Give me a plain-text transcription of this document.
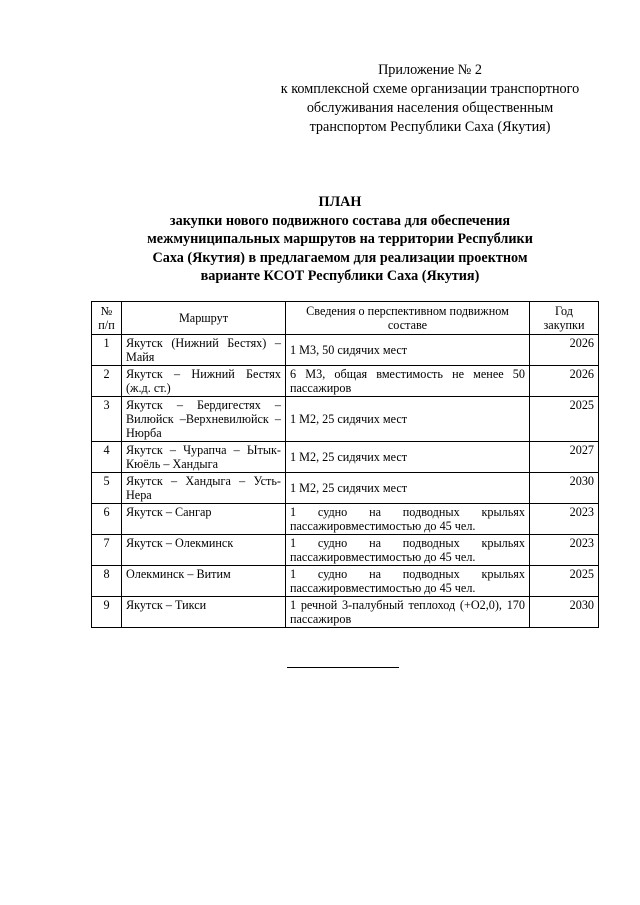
Приложение № 2
к комплексной схеме организации транспортного
обслуживания населения общественным
транспортом Республики Саха (Якутия)
ПЛАН
закупки нового подвижного состава для обеспечения
межмуниципальных маршрутов на территории Республики
Саха (Якутия) в предлагаемом для реализации проектном
варианте КСОТ Республики Саха (Якутия)
№ п/п	Маршрут	Сведения о перспективном подвижном составе	Год закупки
1	Якутск (Нижний Бестях) – Майя	1 М3, 50 сидячих мест	2026
2	Якутск – Нижний Бестях (ж.д. ст.)	6 М3, общая вместимость не менее 50 пассажиров	2026
3	Якутск – Бердигестях – Вилюйск –Верхневилюйск – Нюрба	1 М2, 25 сидячих мест	2025
4	Якутск – Чурапча – Ытык-Кюёль – Хандыга	1 М2, 25 сидячих мест	2027
5	Якутск – Хандыга – Усть-Нера	1 М2, 25 сидячих мест	2030
6	Якутск – Сангар	1 судно на подводных крыльях пассажировместимостью до 45 чел.	2023
7	Якутск – Олекминск	1 судно на подводных крыльях пассажировместимостью до 45 чел.	2023
8	Олекминск – Витим	1 судно на подводных крыльях пассажировместимостью до 45 чел.	2025
9	Якутск – Тикси	1 речной 3-палубный теплоход (+О2,0), 170 пассажиров	2030
